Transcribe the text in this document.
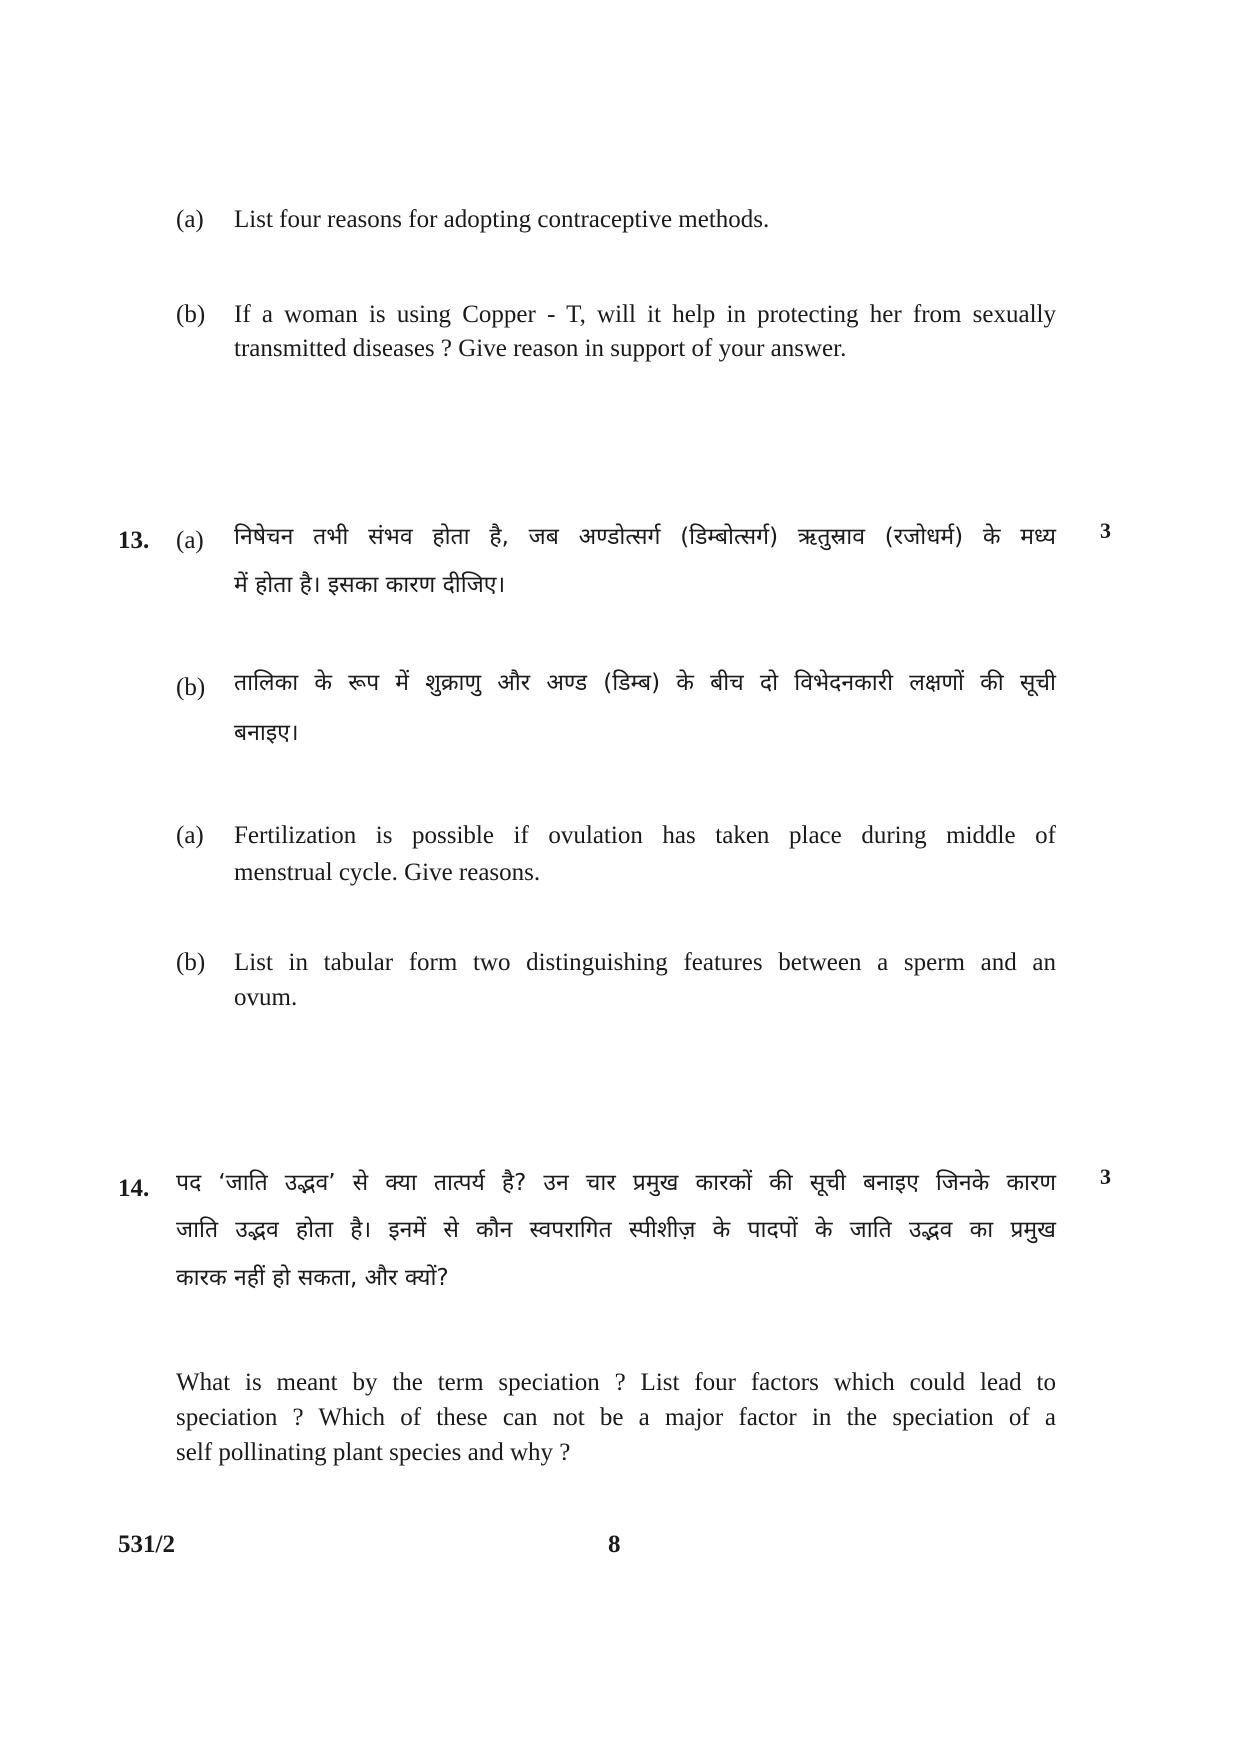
(a) List four reasons for adopting contraceptive methods.
(b) If a woman is using Copper - T, will it help in protecting her from sexually
transmitted diseases ? Give reason in support of your answer.
13.	3
(a) निषेचन तभी संभव होता है, जब अण्डोत्सर्ग (डिम्बोत्सर्ग) ऋतुस्राव (रजोधर्म) के मध्य
में होता है। इसका कारण दीजिए।
(b) तालिका के रूप में शुक्राणु और अण्ड (डिम्ब) के बीच दो विभेदनकारी लक्षणों की सूची
बनाइए।
(a) Fertilization is possible if ovulation has taken place during middle of
menstrual cycle. Give reasons.
(b) List in tabular form two distinguishing features between a sperm and an
ovum.
14.	3
पद ‘जाति उद्भव’ से क्या तात्पर्य है? उन चार प्रमुख कारकों की सूची बनाइए जिनके कारण
जाति उद्भव होता है। इनमें से कौन स्वपरागित स्पीशीज़ के पादपों के जाति उद्भव का प्रमुख
कारक नहीं हो सकता, और क्यों?
What is meant by the term speciation ? List four factors which could lead to
speciation ? Which of these can not be a major factor in the speciation of a
self pollinating plant species and why ?
531/2	8
